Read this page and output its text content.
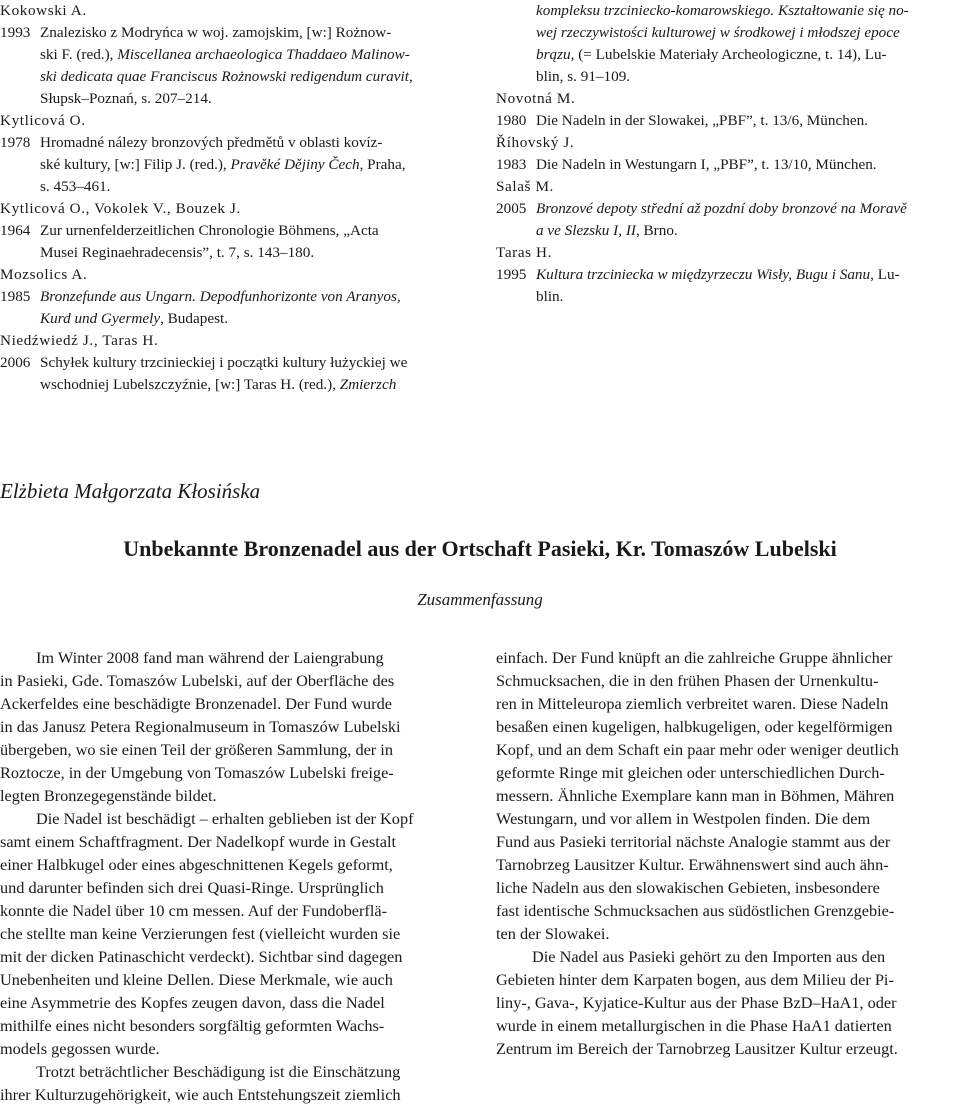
Kokowski A.
1993 Znalezisko z Modryńca w woj. zamojskim, [w:] Rożnow-
ski F. (red.), Miscellanea archaeologica Thaddaeo Malinow-
ski dedicata quae Franciscus Rożnowski redigendum curavit,
Słupsk–Poznań, s. 207–214.
Kytlicová O.
1978 Hromadné nálezy bronzových předmětů v oblasti kovíz-
ské kultury, [w:] Filip J. (red.), Pravěké Dějiny Čech, Praha,
s. 453–461.
Kytlicová O., Vokolek V., Bouzek J.
1964 Zur urnenfelderzeitlichen Chronologie Böhmens, „Acta
Musei Reginaehradecensis”, t. 7, s. 143–180.
Mozsolics A.
1985 Bronzefunde aus Ungarn. Depodfunhorizonte von Aranyos,
Kurd und Gyermely, Budapest.
Niedźwiedź J., Taras H.
2006 Schyłek kultury trzcinieckiej i początki kultury łużyckiej we
wschodniej Lubelszczyźnie, [w:] Taras H. (red.), Zmierzch
kompleksu trzciniecko-komarowskiego. Kształtowanie się no-
wej rzeczywistości kulturowej w środkowej i młodszej epoce
brązu, (= Lubelskie Materiały Archeologiczne, t. 14), Lu-
blin, s. 91–109.
Novotná M.
1980 Die Nadeln in der Slowakei, „PBF”, t. 13/6, München.
Říhovský J.
1983 Die Nadeln in Westungarn I, „PBF”, t. 13/10, München.
Salaš M.
2005 Bronzové depoty střední až pozdní doby bronzové na Moravě
a ve Slezsku I, II, Brno.
Taras H.
1995 Kultura trzciniecka w międzyrzeczu Wisły, Bugu i Sanu, Lu-
blin.
Elżbieta Małgorzata Kłosińska
Unbekannte Bronzenadel aus der Ortschaft Pasieki, Kr. Tomaszów Lubelski
Zusammenfassung

Im Winter 2008 fand man während der Laiengrabung
in Pasieki, Gde. Tomaszów Lubelski, auf der Oberfläche des
Ackerfeldes eine beschädigte Bronzenadel. Der Fund wurde
in das Janusz Petera Regionalmuseum in Tomaszów Lubelski
übergeben, wo sie einen Teil der größeren Sammlung, der in
Roztocze, in der Umgebung von Tomaszów Lubelski freige-
legten Bronzegegenstände bildet.

Die Nadel ist beschädigt – erhalten geblieben ist der Kopf
samt einem Schaftfragment. Der Nadelkopf wurde in Gestalt
einer Halbkugel oder eines abgeschnittenen Kegels geformt,
und darunter befinden sich drei Quasi-Ringe. Ursprünglich
konnte die Nadel über 10 cm messen. Auf der Fundoberflä-
che stellte man keine Verzierungen fest (vielleicht wurden sie
mit der dicken Patinaschicht verdeckt). Sichtbar sind dagegen
Unebenheiten und kleine Dellen. Diese Merkmale, wie auch
eine Asymmetrie des Kopfes zeugen davon, dass die Nadel
mithilfe eines nicht besonders sorgfältig geformten Wachs-
models gegossen wurde.

Trotzt beträchtlicher Beschädigung ist die Einschätzung
ihrer Kulturzugehörigkeit, wie auch Entstehungszeit ziemlich

einfach. Der Fund knüpft an die zahlreiche Gruppe ähnlicher
Schmucksachen, die in den frühen Phasen der Urnenkultu-
ren in Mitteleuropa ziemlich verbreitet waren. Diese Nadeln
besaßen einen kugeligen, halbkugeligen, oder kegelförmigen
Kopf, und an dem Schaft ein paar mehr oder weniger deutlich
geformte Ringe mit gleichen oder unterschiedlichen Durch-
messern. Ähnliche Exemplare kann man in Böhmen, Mähren
Westungarn, und vor allem in Westpolen finden. Die dem
Fund aus Pasieki territorial nächste Analogie stammt aus der
Tarnobrzeg Lausitzer Kultur. Erwähnenswert sind auch ähn-
liche Nadeln aus den slowakischen Gebieten, insbesondere
fast identische Schmucksachen aus südöstlichen Grenzgebie-
ten der Slowakei.

Die Nadel aus Pasieki gehört zu den Importen aus den
Gebieten hinter dem Karpaten bogen, aus dem Milieu der Pi-
liny-, Gava-, Kyjatice-Kultur aus der Phase BzD–HaA1, oder
wurde in einem metallurgischen in die Phase HaA1 datierten
Zentrum im Bereich der Tarnobrzeg Lausitzer Kultur erzeugt.
